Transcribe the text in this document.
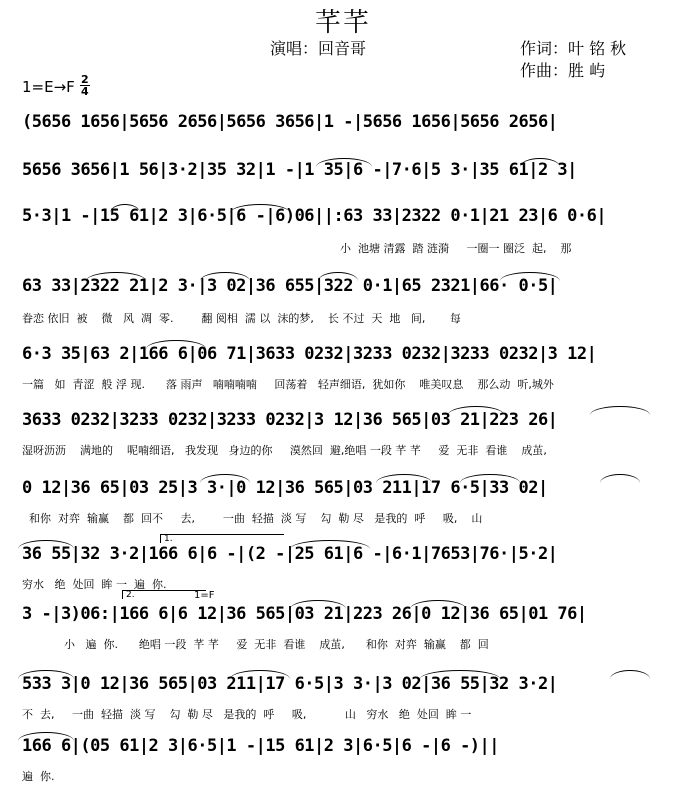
芊芊
演唱：回音哥	作词：叶 铭 秋
作曲：胜 屿
1=E→F 2
4
(5656 1656|5656 2656|5656 3656|1 -|5656 1656|5656 2656|
5656 3656|1 56|3·2|35 32|1 -|1 35|6 -|7·6|5 3·|35 61|2 3|
5·3|1 -|15 61|2 3|6·5|6 -|6)06||:63 33|2322 0·1|21 23|6 0·6|
小  池塘 清露  踏 涟漪     一圈一 圈泛  起,    那
63 33|2322 21|2 3·|3 02|36 655|322 0·1|65 2321|66· 0·5|
眷恋 依旧  被    微   风  凋  零.        翻 阅相  濡 以  沫的梦,    长 不过  天  地   间,       每
6·3 35|63 2|166 6|06 71|3633 0232|3233 0232|3233 0232|3 12|
一篇   如  青涩  般 浮 现.      落 雨声   喃喃喃喃     回荡着   轻声细语,  犹如你    唯美叹息    那么动  听,城外
3633 0232|3233 0232|3233 0232|3 12|36 565|03 21|223 26|
湿呀沥沥    满地的    呢喃细语,   我发现   身边的你     漠然回  避,绝唱 一段 芊 芊     爱  无非  看谁    成茧,
0 12|36 65|03 25|3 3·|0 12|36 565|03 211|17 6·5|33 02|
和你  对弈  输赢    都  回不     去,        一曲  轻描  淡 写    勾  勒 尽   是我的  呼     吸,    山
1.
36 55|32 3·2|166 6|6 -|(2 -|25 61|6 -|6·1|7653|76·|5·2|
穷水   绝  处回  眸 一  遍  你.
2.	1=F
3 -|3)06:|166 6|6 12|36 565|03 21|223 26|0 12|36 65|01 76|
小   遍  你.      绝唱 一段  芊 芊     爱  无非  看谁    成茧,      和你  对弈  输赢    都  回
533 3|0 12|36 565|03 211|17 6·5|3 3·|3 02|36 55|32 3·2|
不  去,     一曲  轻描  淡 写    勾  勒 尽   是我的  呼     吸,           山   穷水   绝  处回  眸 一
166 6|(05 61|2 3|6·5|1 -|15 61|2 3|6·5|6 -|6 -)||
遍  你.
